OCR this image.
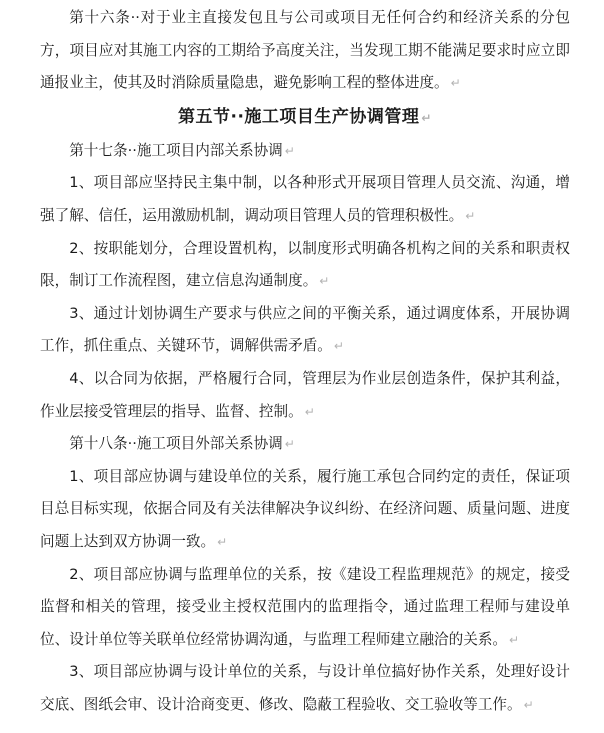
第十六条··对于业主直接发包且与公司或项目无任何合约和经济关系的分包方，项目应对其施工内容的工期给予高度关注，当发现工期不能满足要求时应立即通报业主，使其及时消除质量隐患，避免影响工程的整体进度。 ↵

第五节··施工项目生产协调管理 ↵

第十七条··施工项目内部关系协调 ↵

1、项目部应坚持民主集中制，以各种形式开展项目管理人员交流、沟通，增强了解、信任，运用激励机制，调动项目管理人员的管理积极性。 ↵

2、按职能划分，合理设置机构，以制度形式明确各机构之间的关系和职责权限，制订工作流程图，建立信息沟通制度。 ↵

3、通过计划协调生产要求与供应之间的平衡关系，通过调度体系，开展协调工作，抓住重点、关键环节，调解供需矛盾。 ↵

4、以合同为依据，严格履行合同，管理层为作业层创造条件，保护其利益，作业层接受管理层的指导、监督、控制。 ↵

第十八条··施工项目外部关系协调 ↵

1、项目部应协调与建设单位的关系，履行施工承包合同约定的责任，保证项目总目标实现，依据合同及有关法律解决争议纠纷、在经济问题、质量问题、进度问题上达到双方协调一致。 ↵

2、项目部应协调与监理单位的关系，按《建设工程监理规范》的规定，接受监督和相关的管理，接受业主授权范围内的监理指令，通过监理工程师与建设单位、设计单位等关联单位经常协调沟通，与监理工程师建立融洽的关系。 ↵

3、项目部应协调与设计单位的关系，与设计单位搞好协作关系，处理好设计交底、图纸会审、设计洽商变更、修改、隐蔽工程验收、交工验收等工作。 ↵
